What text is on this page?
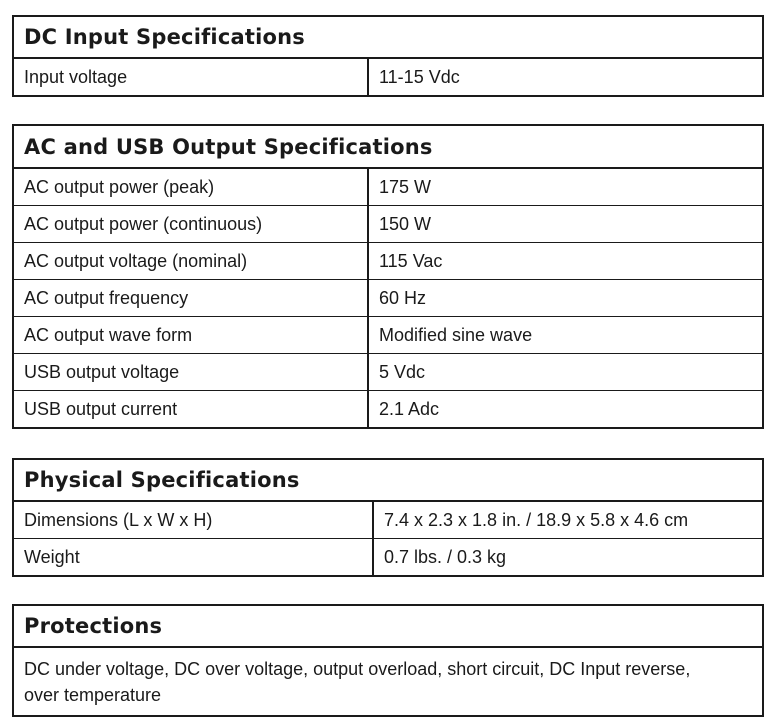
DC Input Specifications
Input voltage	11-15 Vdc
AC and USB Output Specifications	
AC output power (peak)	175 W
AC output power (continuous)	150 W
AC output voltage (nominal)	115 Vac
AC output frequency	60 Hz
AC output wave form	Modified sine wave
USB output voltage	5 Vdc
USB output current	2.1 Adc
Physical Specifications	
Dimensions (L x W x H)	7.4 x 2.3 x 1.8 in. / 18.9 x 5.8 x 4.6 cm
Weight	0.7 lbs. / 0.3 kg
Protections
DC under voltage, DC over voltage, output overload, short circuit, DC Input reverse,
over temperature
